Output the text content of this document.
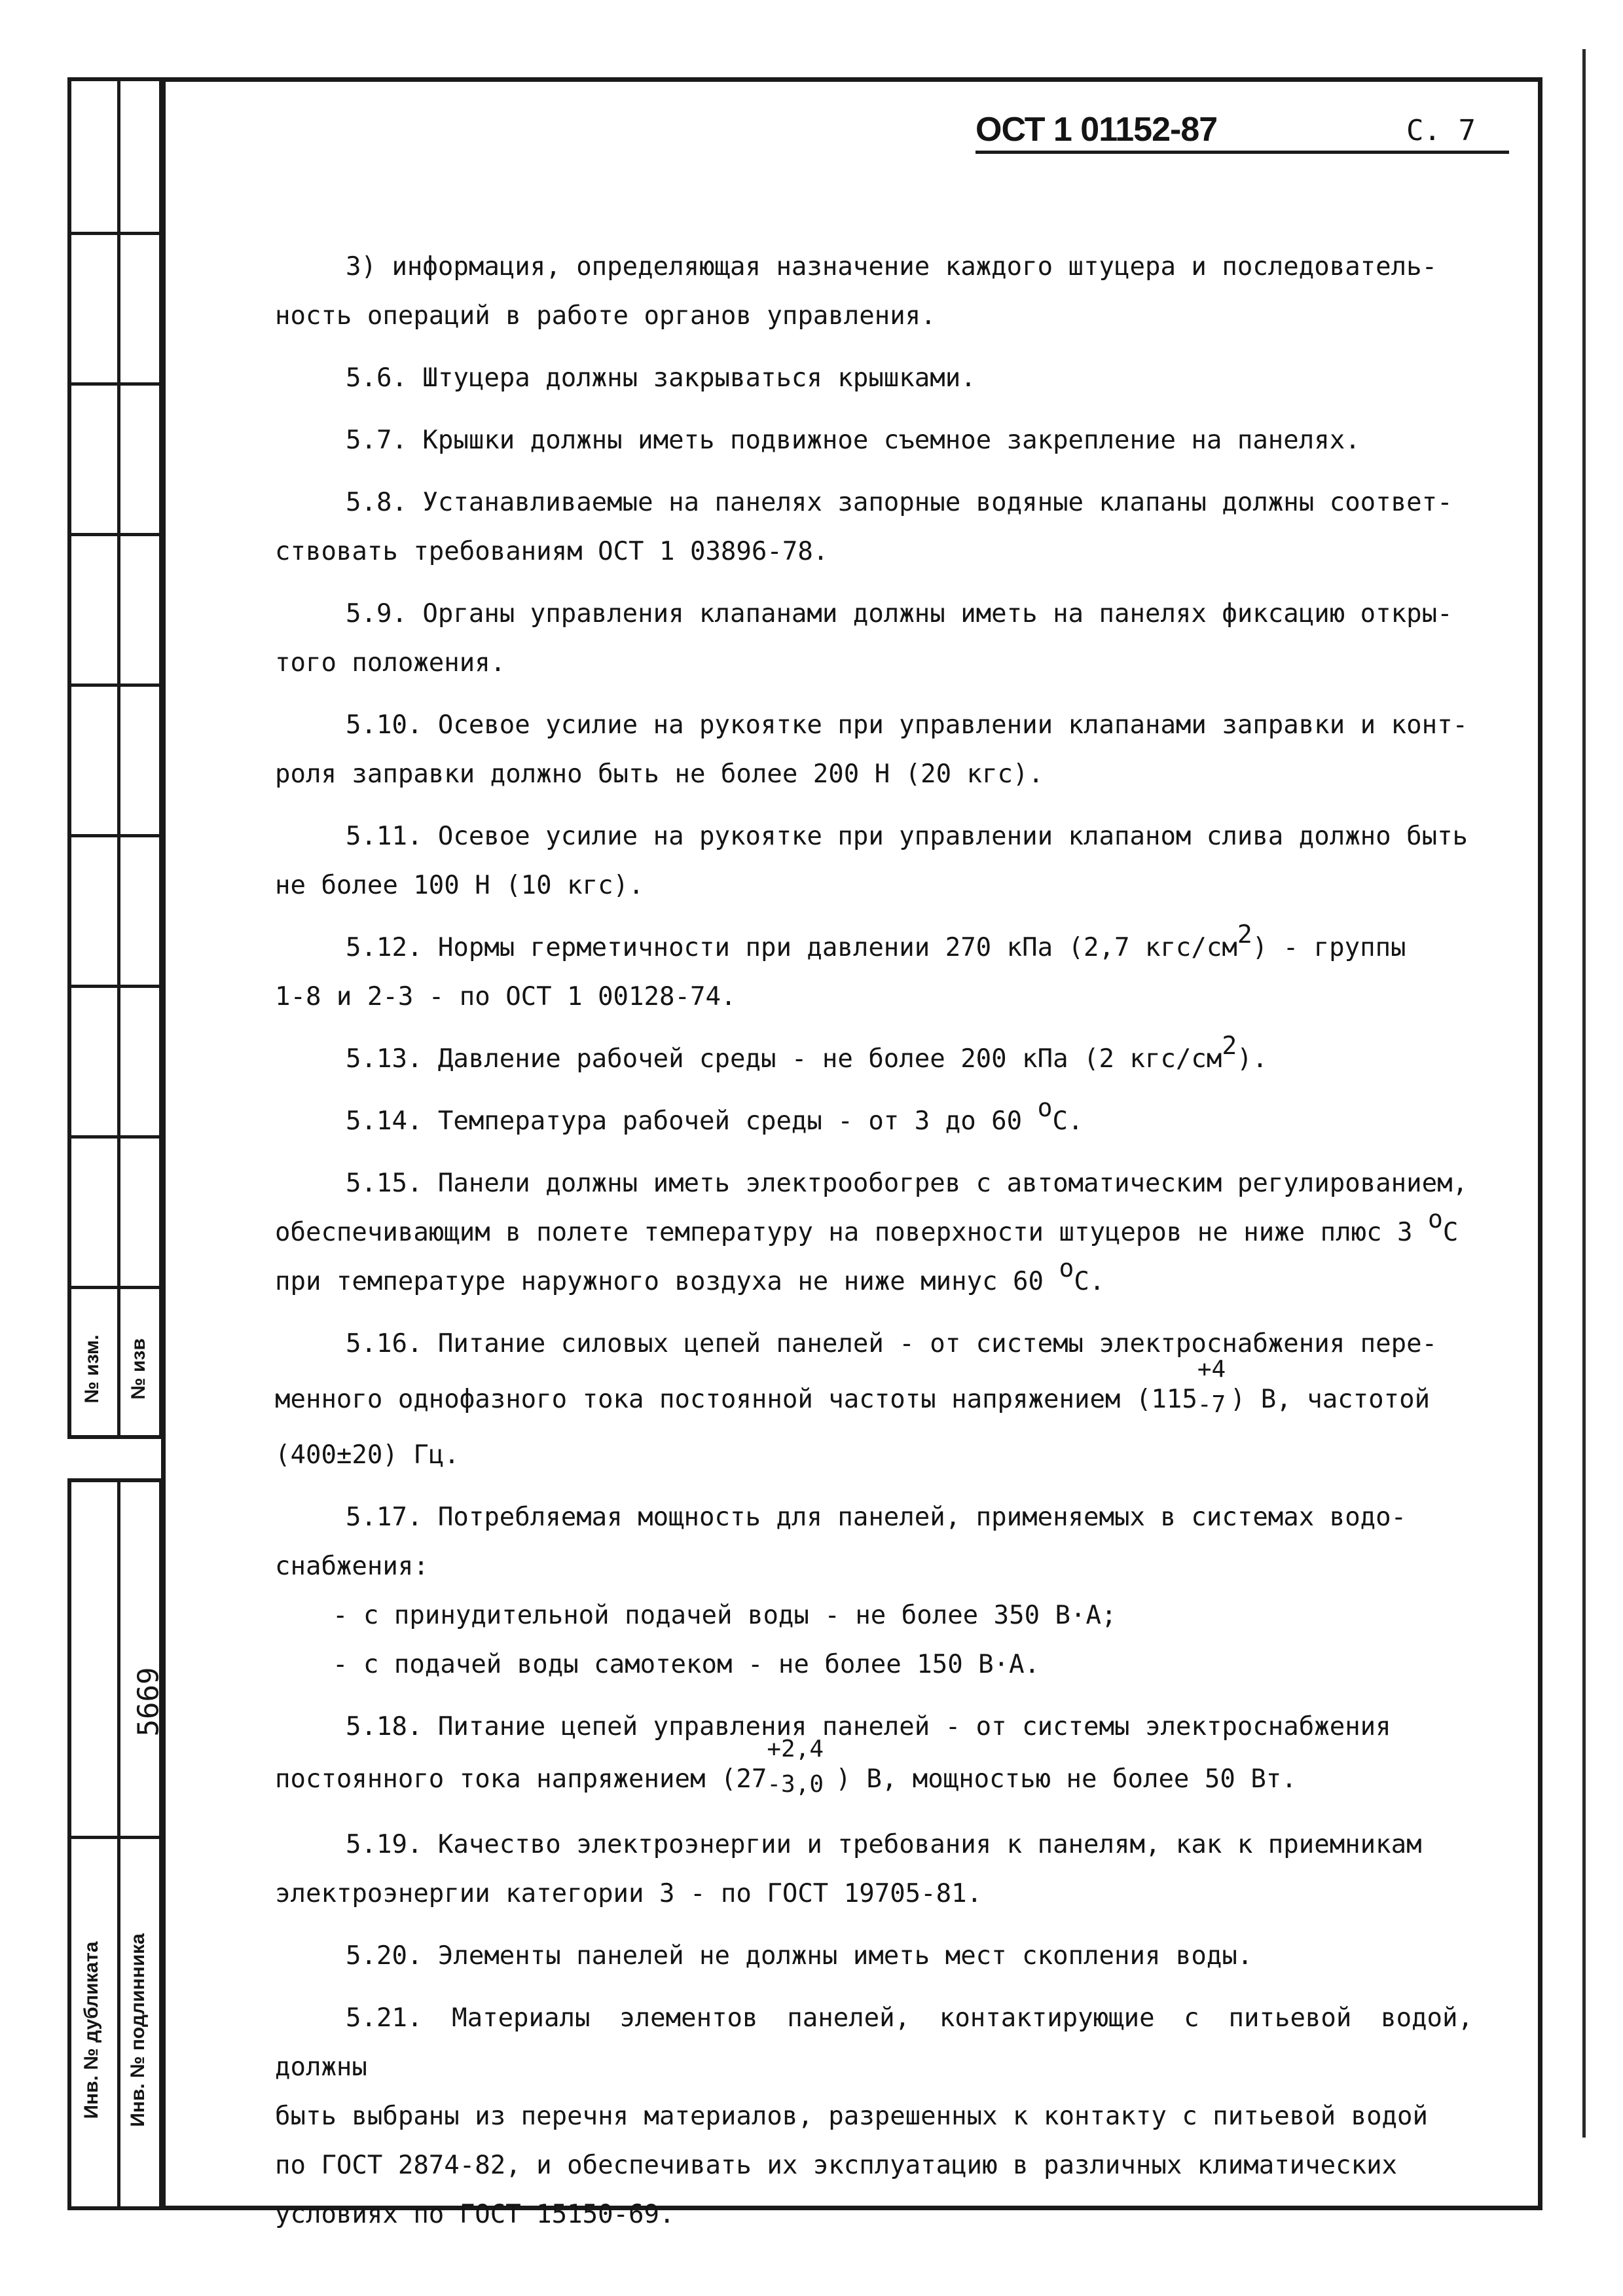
№ изм. № изв
5669
Инв. № дубликата Инв. № подлинника
ОСТ 1 01152-87	С. 7

3) информация, определяющая назначение каждого штуцера и последователь-

ность операций в работе органов управления.

5.6. Штуцера должны закрываться крышками.

5.7. Крышки должны иметь подвижное съемное закрепление на панелях.

5.8. Устанавливаемые на панелях запорные водяные клапаны должны соответ-

ствовать требованиям ОСТ 1 03896-78.

5.9. Органы управления клапанами должны иметь на панелях фиксацию откры-

того положения.

5.10. Осевое усилие на рукоятке при управлении клапанами заправки и конт-

роля заправки должно быть не более 200 Н (20 кгс).

5.11. Осевое усилие на рукоятке при управлении клапаном слива должно быть

не более 100 Н (10 кгс).

5.12. Нормы герметичности при давлении 270 кПа (2,7 кгс/$см^2$) - группы

1-8 и 2-3 - по ОСТ 1 00128-74.

5.13. Давление рабочей среды - не более 200 кПа (2 кгс/$см^2$).

5.14. Температура рабочей среды - от 3 до 60 $^о$С.

5.15. Панели должны иметь электрообогрев с автоматическим регулированием,

обеспечивающим в полете температуру на поверхности штуцеров не ниже плюс 3 $^о$С

при температуре наружного воздуха не ниже минус 60 $^о$С.

5.16. Питание силовых цепей панелей - от системы электроснабжения пере-

менного однофазного тока постоянной частоты напряжением (115
+4
-7 ) В, частотой

(400±20) Гц.

5.17. Потребляемая мощность для панелей, применяемых в системах водо-

снабжения:

- с принудительной подачей воды - не более 350 В·А;

- с подачей воды самотеком - не более 150 В·А.

5.18. Питание цепей управления панелей - от системы электроснабжения

постоянного тока напряжением (27
+2,4
-3,0 ) В, мощностью не более 50 Вт.

5.19. Качество электроэнергии и требования к панелям, как к приемникам

электроэнергии категории 3 - по ГОСТ 19705-81.

5.20. Элементы панелей не должны иметь мест скопления воды.

5.21. Материалы элементов панелей, контактирующие с питьевой водой, должны

быть выбраны из перечня материалов, разрешенных к контакту с питьевой водой

по ГОСТ 2874-82, и обеспечивать их эксплуатацию в различных климатических

условиях по ГОСТ 15150-69.
